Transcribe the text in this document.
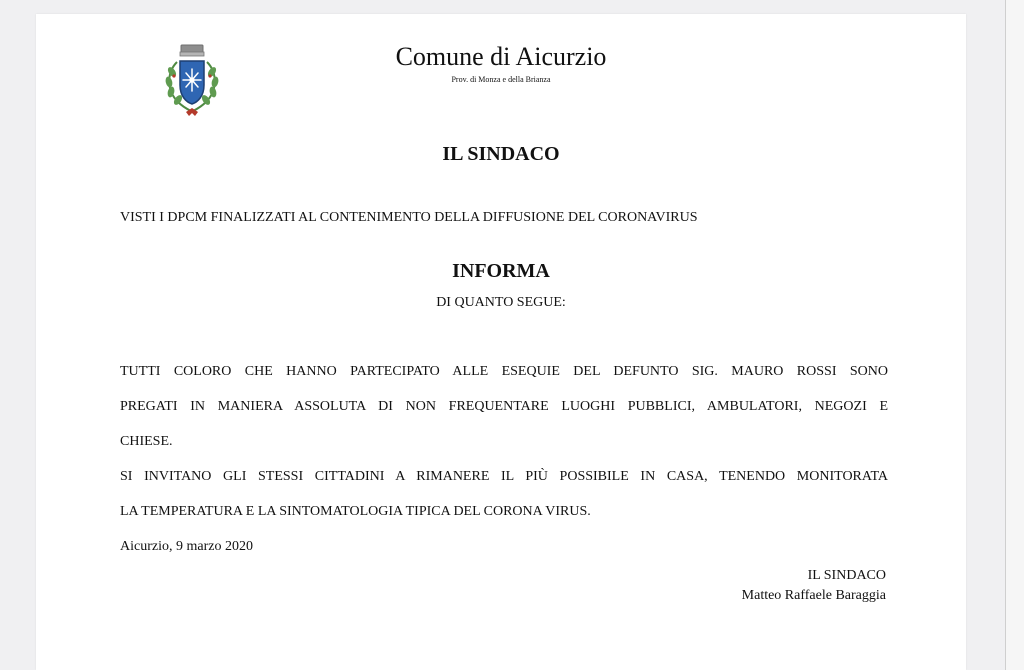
Comune di Aicurzio
Prov. di Monza e della Brianza
IL SINDACO
VISTI I DPCM FINALIZZATI AL CONTENIMENTO DELLA DIFFUSIONE DEL CORONAVIRUS
INFORMA
DI QUANTO SEGUE:
TUTTI COLORO CHE HANNO PARTECIPATO ALLE ESEQUIE DEL DEFUNTO SIG. MAURO ROSSI SONO
PREGATI IN MANIERA ASSOLUTA DI NON FREQUENTARE LUOGHI PUBBLICI, AMBULATORI, NEGOZI E
CHIESE.
SI INVITANO GLI STESSI CITTADINI A RIMANERE IL PIÙ POSSIBILE IN CASA, TENENDO MONITORATA
LA TEMPERATURA E LA SINTOMATOLOGIA TIPICA DEL CORONA VIRUS.
Aicurzio, 9 marzo 2020
IL SINDACO
Matteo Raffaele Baraggia
